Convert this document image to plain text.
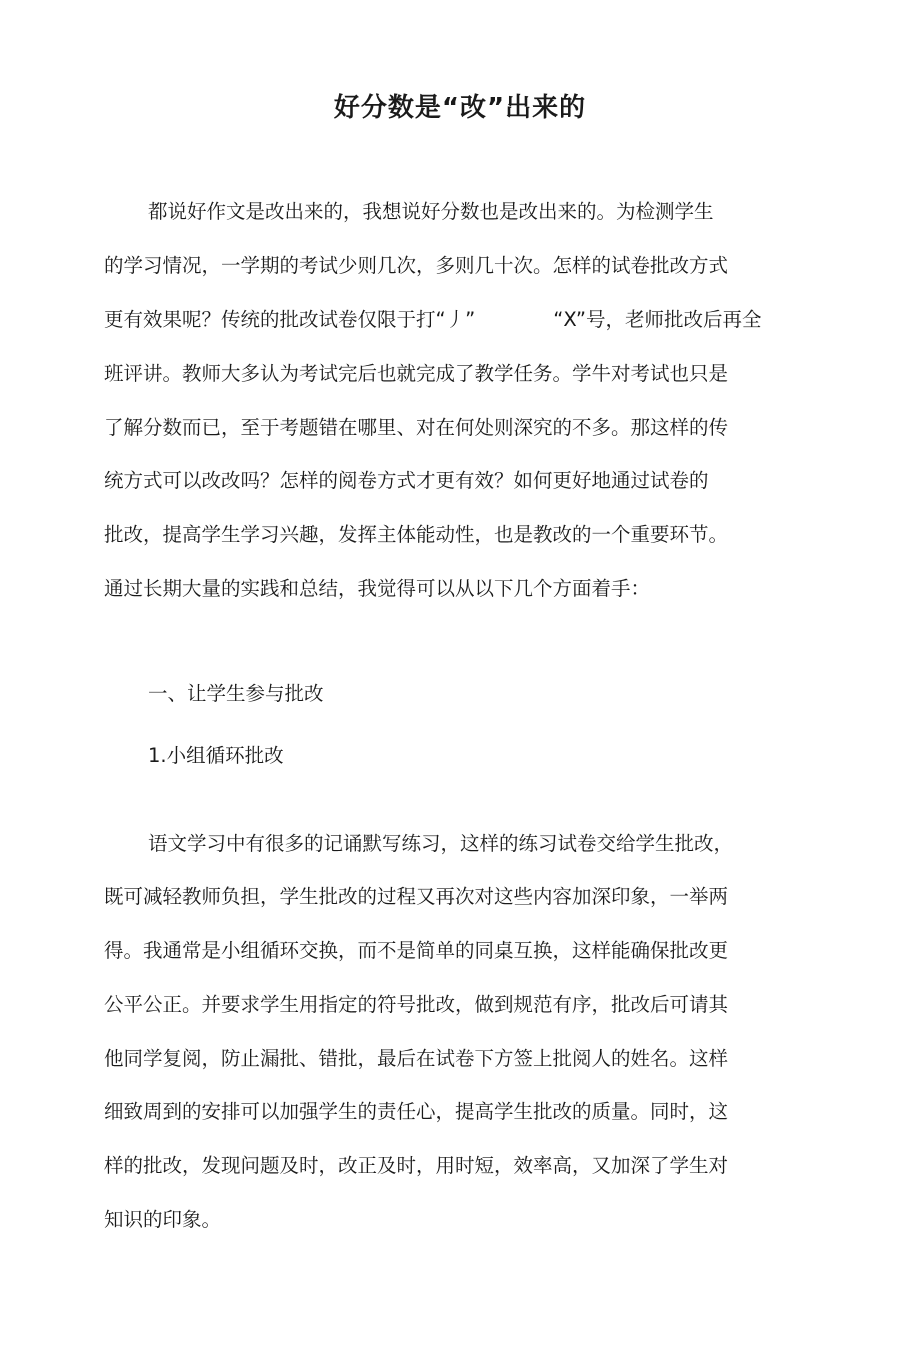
好分数是“改”出来的
都说好作文是改出来的，我想说好分数也是改出来的。为检测学生
的学习情况，一学期的考试少则几次，多则几十次。怎样的试卷批改方式
更有效果呢？传统的批改试卷仅限于打“丿”	“X”号，老师批改后再全
班评讲。教师大多认为考试完后也就完成了教学任务。学牛对考试也只是
了解分数而已，至于考题错在哪里、对在何处则深究的不多。那这样的传
统方式可以改改吗？怎样的阅卷方式才更有效？如何更好地通过试卷的
批改，提高学生学习兴趣，发挥主体能动性，也是教改的一个重要环节。
通过长期大量的实践和总结，我觉得可以从以下几个方面着手：
一、让学生参与批改
1.小组循环批改
语文学习中有很多的记诵默写练习，这样的练习试卷交给学生批改，
既可减轻教师负担，学生批改的过程又再次对这些内容加深印象，一举两
得。我通常是小组循环交换，而不是简单的同桌互换，这样能确保批改更
公平公正。并要求学生用指定的符号批改，做到规范有序，批改后可请其
他同学复阅，防止漏批、错批，最后在试卷下方签上批阅人的姓名。这样
细致周到的安排可以加强学生的责任心，提高学生批改的质量。同时，这
样的批改，发现问题及时，改正及时，用时短，效率高，又加深了学生对
知识的印象。
